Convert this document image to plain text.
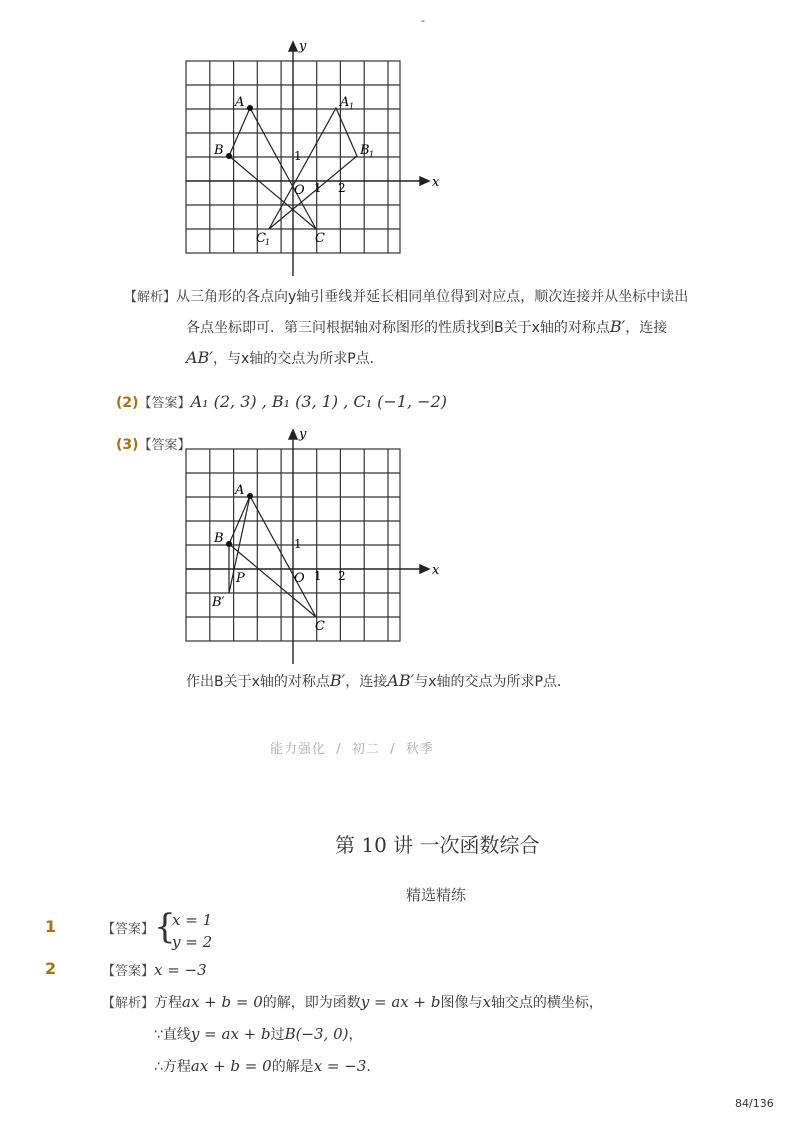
-
A	A 1
B	B 1
C
C 1
O
1
1 2	x
y
【解析】从三角形的各点向y轴引垂线并延长相同单位得到对应点，顺次连接并从坐标中读出
各点坐标即可．第三问根据轴对称图形的性质找到B关于x轴的对称点B′，连接
AB′，与x轴的交点为所求P点．
(2)【答案】A₁ (2, 3) , B₁ (3, 1) , C₁ (−1, −2)
(3)【答案】
A
B
B′
P
C
O
1
1 2	x
y
作出B关于x轴的对称点B′，连接AB′与x轴的交点为所求P点．
能力强化  /  初二  /  秋季
第 10 讲 一次函数综合
精选精练
1	【答案】 {
x = 1
y = 2
2	【答案】x = −3
【解析】方程ax + b = 0的解，即为函数y = ax + b图像与x轴交点的横坐标，
∵直线y = ax + b过B(−3, 0)，
∴方程ax + b = 0的解是x = −3.
84/136
